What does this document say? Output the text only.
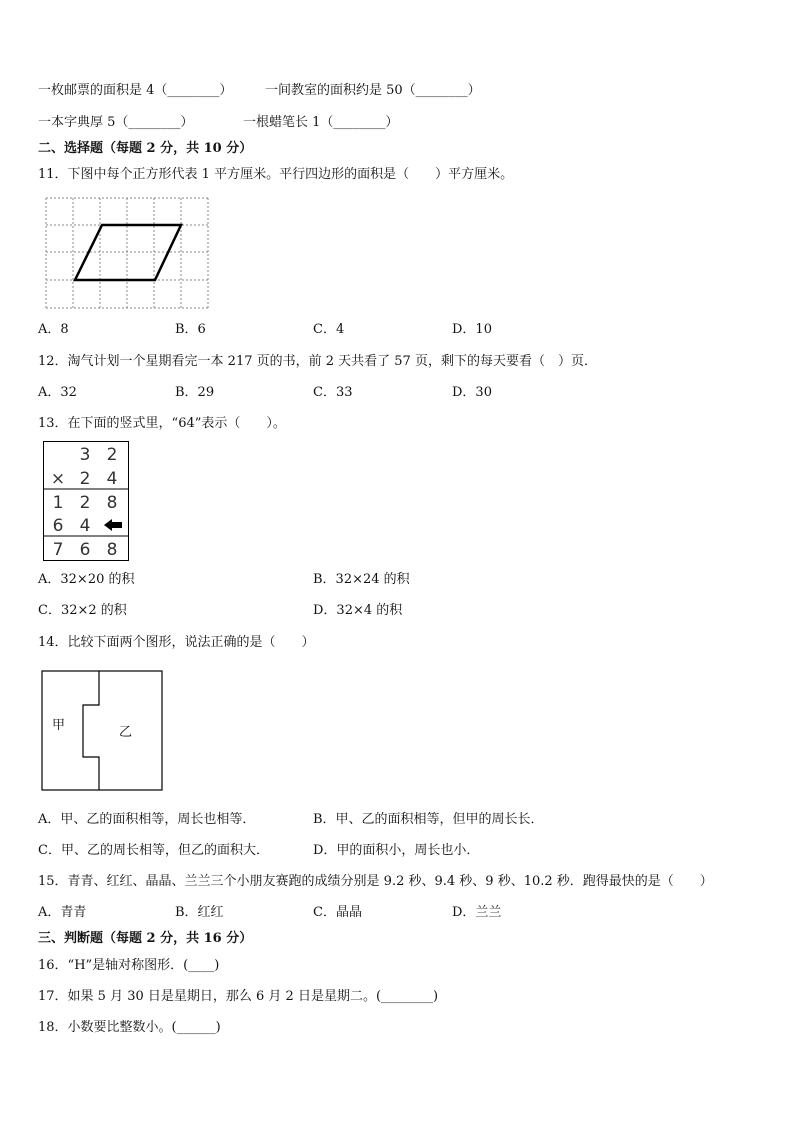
一枚邮票的面积是 4（________）	一间教室的面积约是 50（________）
一本字典厚 5（________）	一根蜡笔长 1（________）
二、选择题（每题 2 分，共 10 分）
11．下图中每个正方形代表 1 平方厘米。平行四边形的面积是（　　）平方厘米。
A．8	B．6	C．4	D．10
12．淘气计划一个星期看完一本 217 页的书，前 2 天共看了 57 页，剩下的每天要看（　）页．
A．32	B．29	C．33	D．30
13．在下面的竖式里，“64”表示（　　）。
3 2
× 2 4
1 2 8
6 4
7 6 8
A．32×20 的积	B．32×24 的积
C．32×2 的积	D．32×4 的积
14．比较下面两个图形，说法正确的是（　　）
甲	乙
A．甲、乙的面积相等，周长也相等．	B．甲、乙的面积相等，但甲的周长长．
C．甲、乙的周长相等，但乙的面积大．	D．甲的面积小，周长也小．
15．青青、红红、晶晶、兰兰三个小朋友赛跑的成绩分别是 9.2 秒、9.4 秒、9 秒、10.2 秒．跑得最快的是（　　）
A．青青	B．红红	C．晶晶	D．兰兰
三、判断题（每题 2 分，共 16 分）
16．“H”是轴对称图形．(____)
17．如果 5 月 30 日是星期日，那么 6 月 2 日是星期二。(________)
18．小数要比整数小。(______)
